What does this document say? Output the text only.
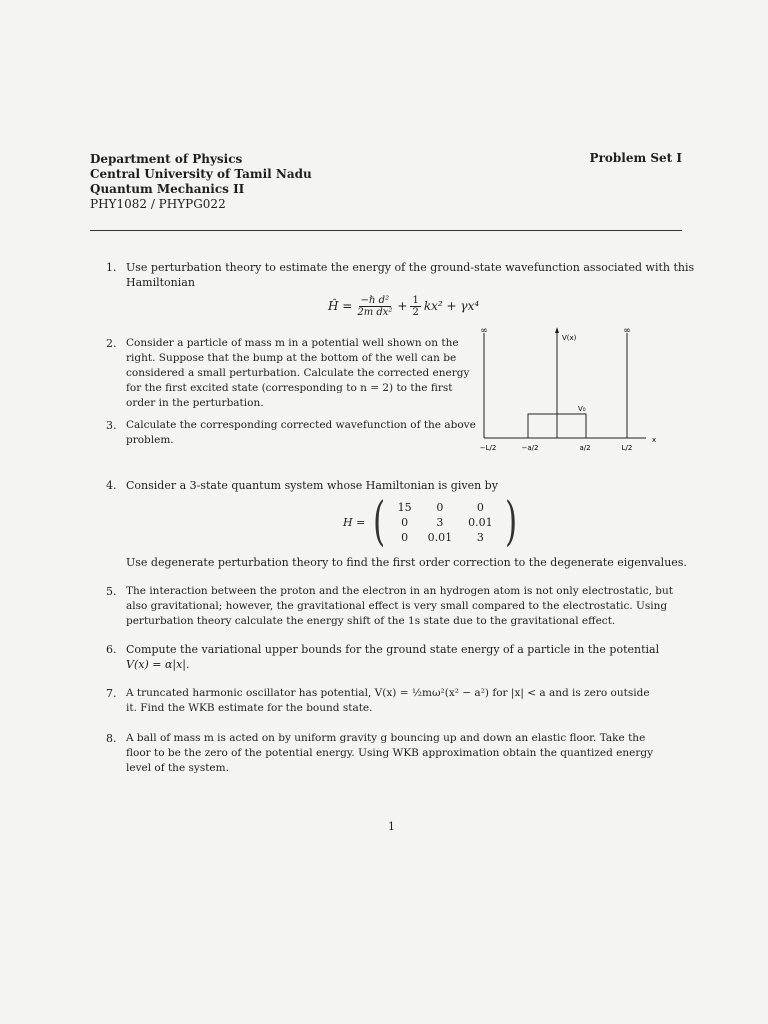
Department of Physics
Central University of Tamil Nadu
Quantum Mechanics II
PHY1082 / PHYPG022
Problem Set I
1. Use perturbation theory to estimate the energy of the ground-state wavefunction associated with this
Hamiltonian
Ĥ = $\frac{\text{−ℏ d²}}{\text{2m dx²}} + \frac{1}{2} kx^2 + \gamma x^4$
2. Consider a particle of mass m in a potential well shown on the
right. Suppose that the bump at the bottom of the well can be
considered a small perturbation. Calculate the corrected energy
for the first excited state (corresponding to n = 2) to the first
order in the perturbation.
3. Calculate the corresponding corrected wavefunction of the above
problem.
∞	∞
V(x)
V₀
x
−L/2	−a/2	a/2	L/2
4. Consider a 3-state quantum system whose Hamiltonian is given by
H = ( 15	0	0
0	3	0.01
0	0.01	3 )
Use degenerate perturbation theory to find the first order correction to the degenerate eigenvalues.
5. The interaction between the proton and the electron in an hydrogen atom is not only electrostatic, but
also gravitational; however, the gravitational effect is very small compared to the electrostatic. Using
perturbation theory calculate the energy shift of the 1s state due to the gravitational effect.
6. Compute the variational upper bounds for the ground state energy of a particle in the potential
V(x) = α|x|.
7. A truncated harmonic oscillator has potential, V(x) = ½mω²(x² − a²) for |x| < a and is zero outside
it. Find the WKB estimate for the bound state.
8. A ball of mass m is acted on by uniform gravity g bouncing up and down an elastic floor. Take the
floor to be the zero of the potential energy. Using WKB approximation obtain the quantized energy
level of the system.
1
